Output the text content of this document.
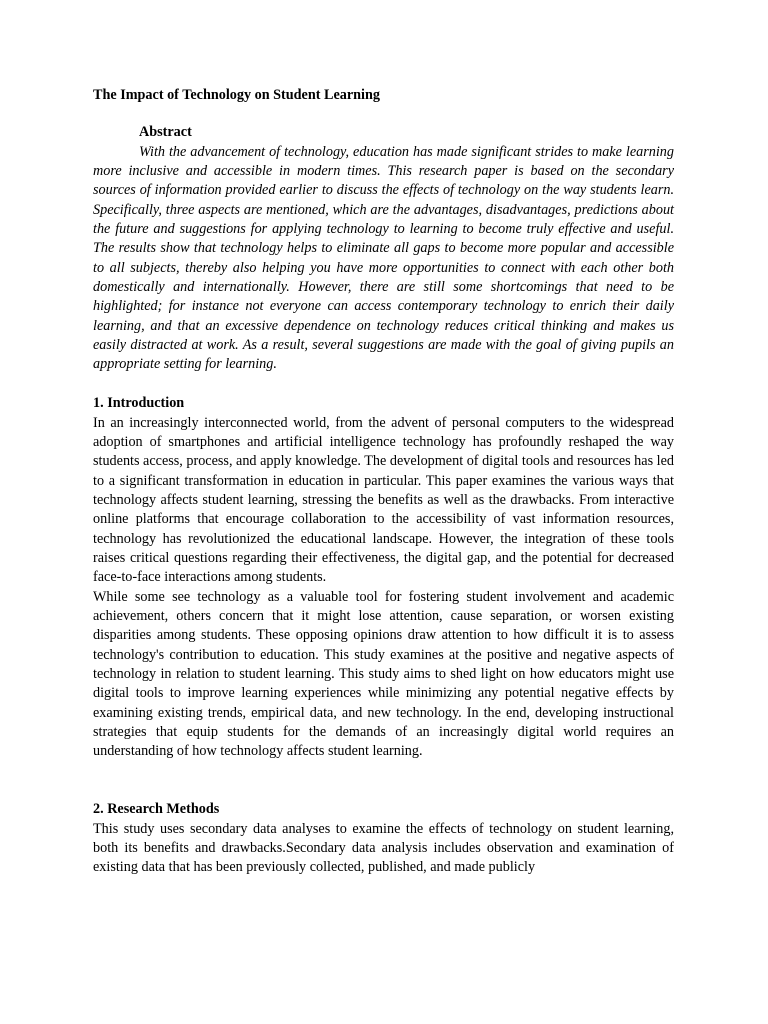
The Impact of Technology on Student Learning
Abstract

With the advancement of technology, education has made significant strides to make learning more inclusive and accessible in modern times. This research paper is based on the secondary sources of information provided earlier to discuss the effects of technology on the way students learn. Specifically, three aspects are mentioned, which are the advantages, disadvantages, predictions about the future and suggestions for applying technology to learning to become truly effective and useful. The results show that technology helps to eliminate all gaps to become more popular and accessible to all subjects, thereby also helping you have more opportunities to connect with each other both domestically and internationally. However, there are still some shortcomings that need to be highlighted; for instance not everyone can access contemporary technology to enrich their daily learning, and that an excessive dependence on technology reduces critical thinking and makes us easily distracted at work. As a result, several suggestions are made with the goal of giving pupils an appropriate setting for learning.

1. Introduction

In an increasingly interconnected world, from the advent of personal computers to the widespread adoption of smartphones and artificial intelligence technology has profoundly reshaped the way students access, process, and apply knowledge. The development of digital tools and resources has led to a significant transformation in education in particular. This paper examines the various ways that technology affects student learning, stressing the benefits as well as the drawbacks. From interactive online platforms that encourage collaboration to the accessibility of vast information resources, technology has revolutionized the educational landscape. However, the integration of these tools raises critical questions regarding their effectiveness, the digital gap, and the potential for decreased face-to-face interactions among students.

While some see technology as a valuable tool for fostering student involvement and academic achievement, others concern that it might lose attention, cause separation, or worsen existing disparities among students. These opposing opinions draw attention to how difficult it is to assess technology's contribution to education. This study examines at the positive and negative aspects of technology in relation to student learning. This study aims to shed light on how educators might use digital tools to improve learning experiences while minimizing any potential negative effects by examining existing trends, empirical data, and new technology. In the end, developing instructional strategies that equip students for the demands of an increasingly digital world requires an understanding of how technology affects student learning.

2. Research Methods

This study uses secondary data analyses to examine the effects of technology on student learning, both its benefits and drawbacks.Secondary data analysis includes observation and examination of existing data that has been previously collected, published, and made publicly
